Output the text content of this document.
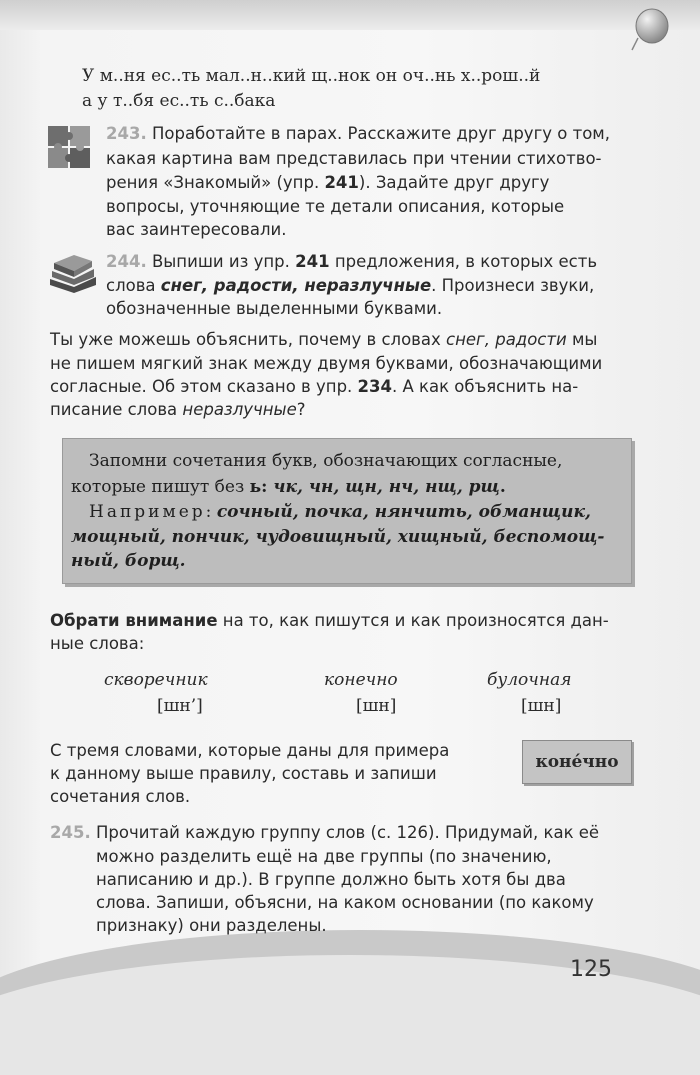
У м..ня ес..ть мал..н..кий щ..нок он оч..нь х..рош..й
а у т..бя ес..ть с..бака
243. Поработайте в парах. Расскажите друг другу о том,
какая картина вам представилась при чтении стихотво-
рения «Знакомый» (упр. 241). Задайте друг другу
вопросы, уточняющие те детали описания, которые
вас заинтересовали.
244. Выпиши из упр. 241 предложения, в которых есть
слова снег, радости, неразлучные. Произнеси звуки,
обозначенные выделенными буквами.
Ты уже можешь объяснить, почему в словах снег, радости мы
не пишем мягкий знак между двумя буквами, обозначающими
согласные. Об этом сказано в упр. 234. А как объяснить на-
писание слова неразлучные?
Запомни сочетания букв, обозначающих согласные,
которые пишут без ь: чк, чн, щн, нч, нщ, рщ.
Например: сочный, почка, нянчить, обманщик,
мощный, пончик, чудовищный, хищный, беспомощ-
ный, борщ.
Обрати внимание на то, как пишутся и как произносятся дан-
ные слова:
скворечник
[шн’]
конечно
[шн]
булочная
[шн]
С тремя словами, которые даны для примера
к данному выше правилу, составь и запиши
сочетания слов.
коне́чно
245. Прочитай каждую группу слов (с. 126). Придумай, как её
можно разделить ещё на две группы (по значению,
написанию и др.). В группе должно быть хотя бы два
слова. Запиши, объясни, на каком основании (по какому
признаку) они разделены.
125
